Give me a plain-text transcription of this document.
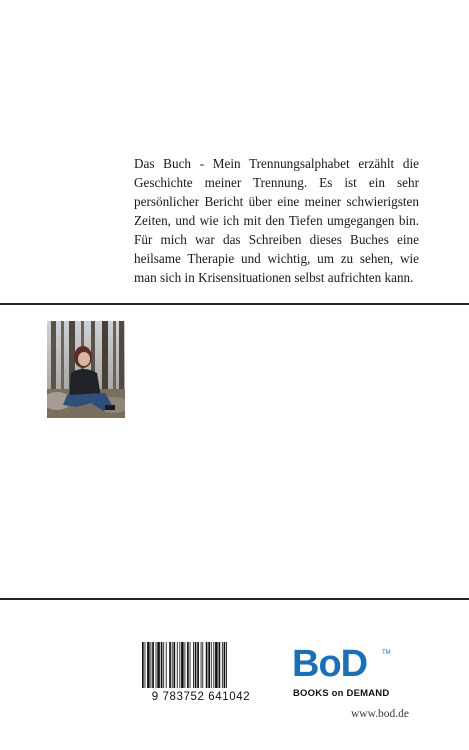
Das Buch - Mein Trennungsalphabet erzählt die Geschichte meiner Trennung. Es ist ein sehr persönlicher Bericht über eine meiner schwierigsten Zeiten, und wie ich mit den Tiefen umgegangen bin. Für mich war das Schreiben dieses Buches eine heilsame Therapie und wichtig, um zu sehen, wie man sich in Krisensituationen selbst aufrichten kann.

9 783752 641042
BoD TM
BOOKS on DEMAND
www.bod.de
